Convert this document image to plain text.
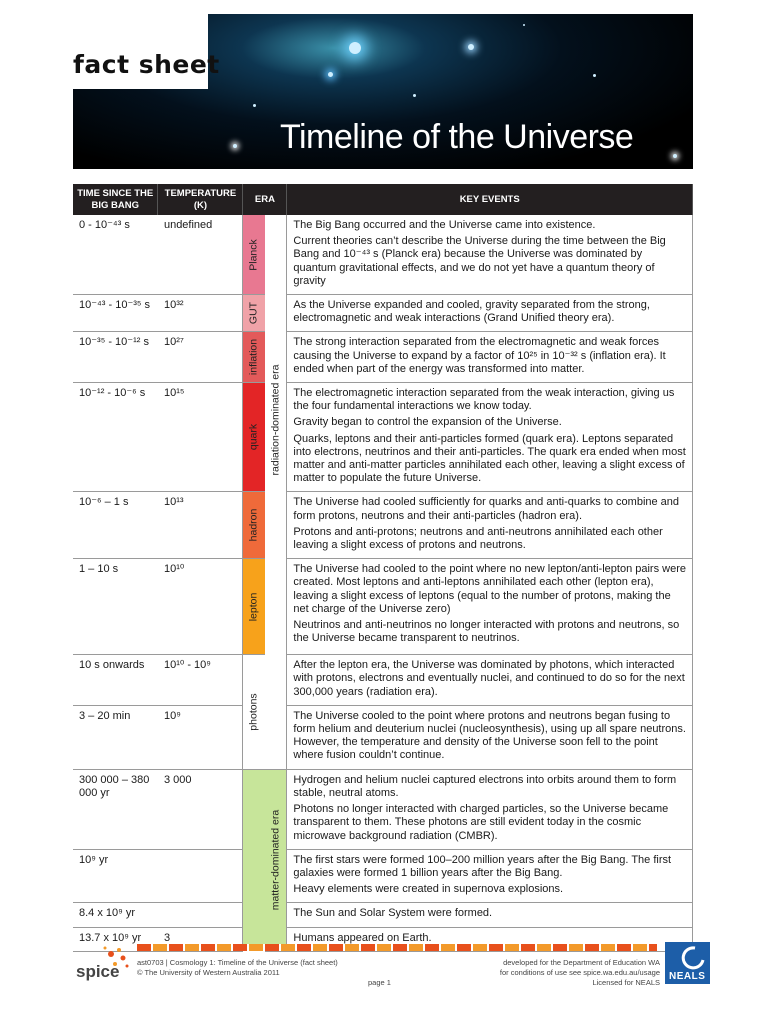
Timeline of the Universe
fact sheet
TIME SINCE THE BIG BANG	TEMPERATURE (K)	ERA		KEY EVENTS
0 - 10⁻⁴³ s	undefined	Planck	radiation-dominated era	The Big Bang occurred and the Universe came into existence.

Current theories can’t describe the Universe during the time between the Big Bang and 10⁻⁴³ s (Planck era) because the Universe was dominated by quantum gravitational effects, and we do not yet have a quantum theory of gravity

10⁻⁴³ - 10⁻³⁵ s	10³²	GUT		As the Universe expanded and cooled, gravity separated from the strong, electromagnetic and weak interactions (Grand Unified theory era).

10⁻³⁵ - 10⁻¹² s	10²⁷	inflation		The strong interaction separated from the electromagnetic and weak forces causing the Universe to expand by a factor of 10²⁵ in 10⁻³² s (inflation era). It ended when part of the energy was transformed into matter.

10⁻¹² - 10⁻⁶ s	10¹⁵	quark		The electromagnetic interaction separated from the weak interaction, giving us the four fundamental interactions we know today.

Gravity began to control the expansion of the Universe.

Quarks, leptons and their anti-particles formed (quark era). Leptons separated into electrons, neutrinos and their anti-particles. The quark era ended when most matter and anti-matter particles annihilated each other, leaving a slight excess of matter to populate the future Universe.

10⁻⁶ – 1 s	10¹³	hadron		The Universe had cooled sufficiently for quarks and anti-quarks to combine and form protons, neutrons and their anti-particles (hadron era).

Protons and anti-protons; neutrons and anti-neutrons annihilated each other leaving a slight excess of protons and neutrons.

1 – 10 s	10¹⁰	lepton		The Universe had cooled to the point where no new lepton/anti-lepton pairs were created. Most leptons and anti-leptons annihilated each other (lepton era), leaving a slight excess of leptons (equal to the number of protons, making the net charge of the Universe zero)

Neutrinos and anti-neutrinos no longer interacted with protons and neutrons, so the Universe became transparent to neutrinos.

10 s onwards	10¹⁰ - 10⁹	photons		After the lepton era, the Universe was dominated by photons, which interacted with protons, electrons and eventually nuclei, and continued to do so for the next 300,000 years (radiation era).

3 – 20 min	10⁹			The Universe cooled to the point where protons and neutrons began fusing to form helium and deuterium nuclei (nucleosynthesis), using up all spare neutrons. However, the temperature and density of the Universe soon fell to the point where fusion couldn’t continue.

300 000 – 380 000 yr	3 000		matter-dominated era	Hydrogen and helium nuclei captured electrons into orbits around them to form stable, neutral atoms.

Photons no longer interacted with charged particles, so the Universe became transparent to them. These photons are still evident today in the cosmic microwave background radiation (CMBR).

10⁹ yr				The first stars were formed 100–200 million years after the Big Bang. The first galaxies were formed 1 billion years after the Big Bang.

Heavy elements were created in supernova explosions.

8.4 x 10⁹ yr				The Sun and Solar System were formed.

13.7 x 10⁹ yr	3			Humans appeared on Earth.

spice ast0703 | Cosmology 1: Timeline of the Universe (fact sheet)
© The University of Western Australia 2011
page 1
developed for the Department of Education WA
for conditions of use see spice.wa.edu.au/usage
Licensed for NEALS
NEALS
